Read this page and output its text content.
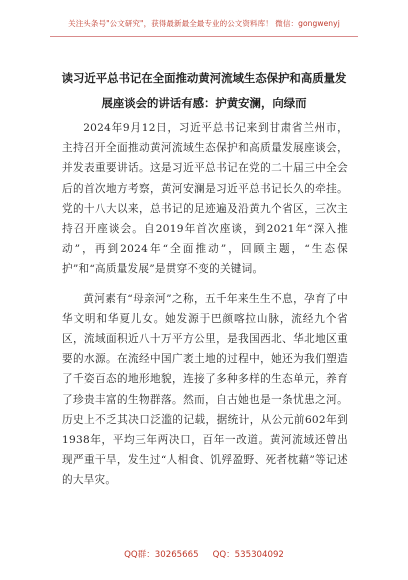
关注头条号"公文研究"，获得最新最全最专业的公文资料库！ 微信：gongwenyj
读习近平总书记在全面推动黄河流域生态保护和高质量发展座谈会的讲话有感：护黄安澜，向绿而

2024年9月12日，习近平总书记来到甘肃省兰州市，主持召开全面推动黄河流域生态保护和高质量发展座谈会，并发表重要讲话。这是习近平总书记在党的二十届三中全会后的首次地方考察，黄河安澜是习近平总书记长久的牵挂。党的十八大以来，总书记的足迹遍及沿黄九个省区，三次主持召开座谈会。自2019年首次座谈，到2021年“深入推动”，再到2024年“全面推动”，回顾主题，“生态保护”和“高质量发展”是贯穿不变的关键词。

黄河素有“母亲河”之称，五千年来生生不息，孕育了中华文明和华夏儿女。她发源于巴颜喀拉山脉，流经九个省区，流域面积近八十万平方公里，是我国西北、华北地区重要的水源。在流经中国广袤土地的过程中，她还为我们塑造了千姿百态的地形地貌，连接了多种多样的生态单元，养育了珍贵丰富的生物群落。然而，自古她也是一条忧患之河。历史上不乏其决口泛滥的记载，据统计，从公元前602年到1938年，平均三年两决口，百年一改道。黄河流域还曾出现严重干旱，发生过“人相食、饥殍盈野、死者枕藉”等记述的大旱灾。

QQ群：30265665 QQ：535304092
